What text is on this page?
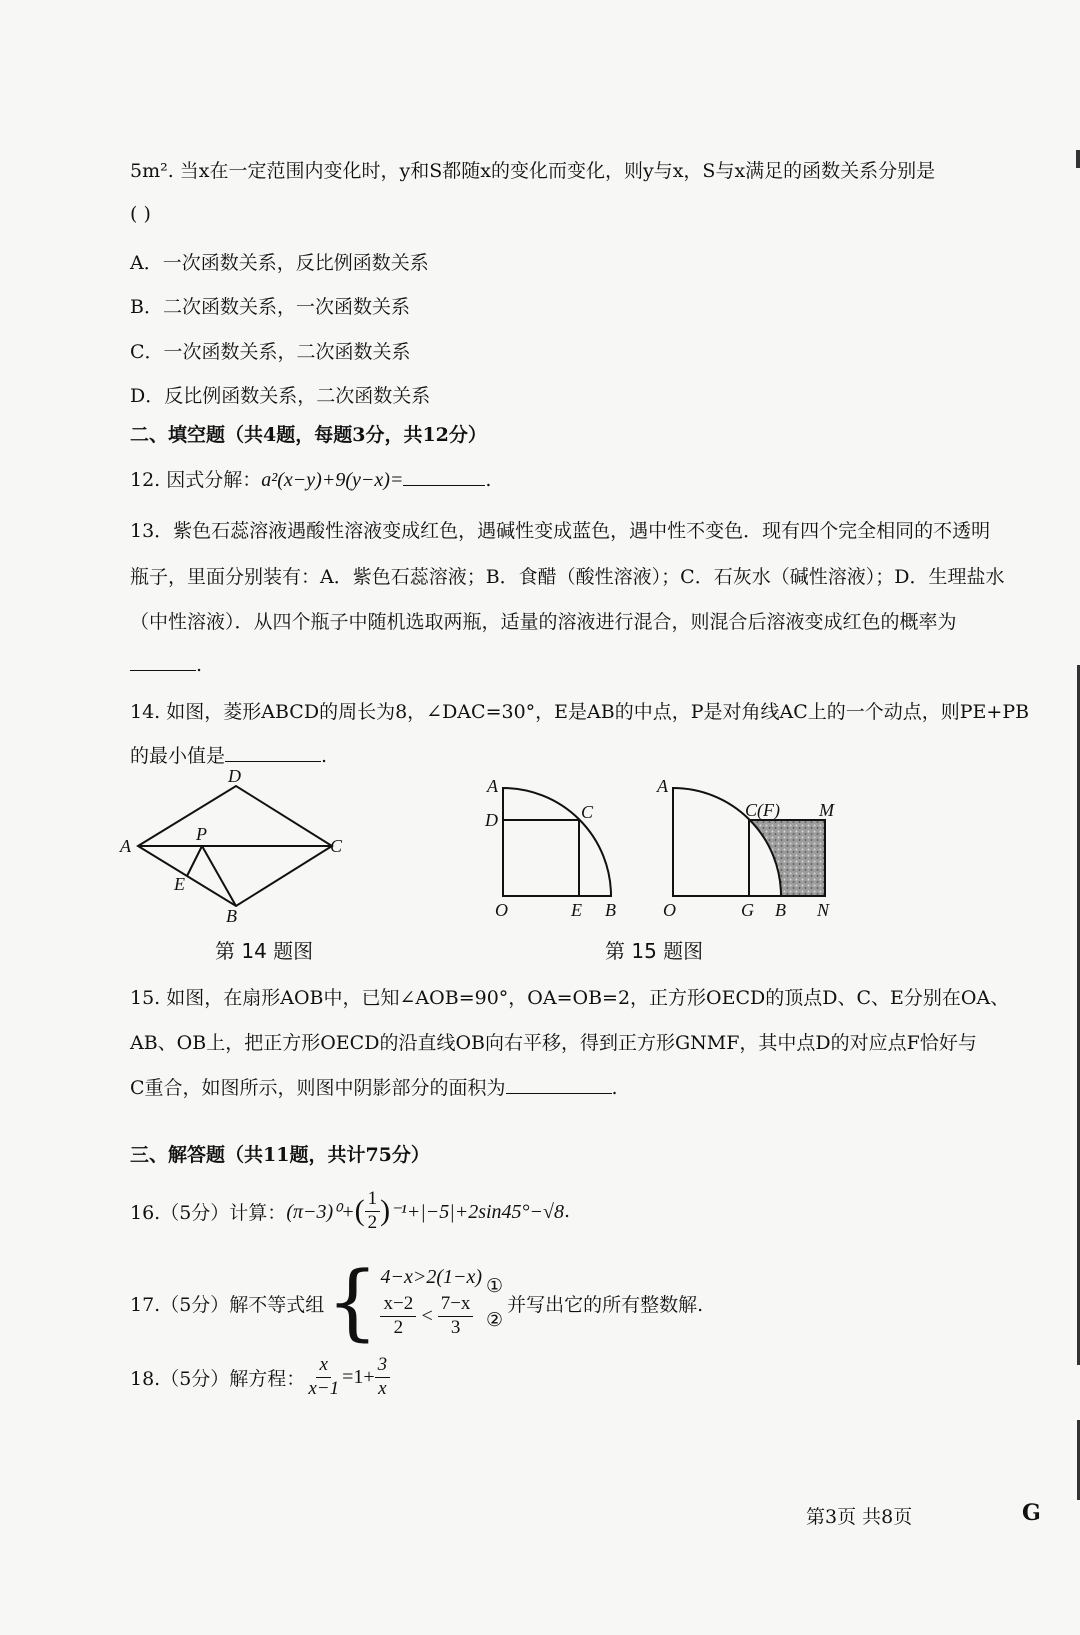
5m². 当x在一定范围内变化时，y和S都随x的变化而变化，则y与x，S与x满足的函数关系分别是
( )
A．一次函数关系，反比例函数关系
B．二次函数关系，一次函数关系
C．一次函数关系，二次函数关系
D．反比例函数关系，二次函数关系
二、填空题（共4题，每题3分，共12分）
12. 因式分解：a²(x−y)+9(y−x)=	.
13．紫色石蕊溶液遇酸性溶液变成红色，遇碱性变成蓝色，遇中性不变色．现有四个完全相同的不透明
瓶子，里面分别装有：A．紫色石蕊溶液；B．食醋（酸性溶液）；C．石灰水（碱性溶液）；D．生理盐水
（中性溶液）．从四个瓶子中随机选取两瓶，适量的溶液进行混合，则混合后溶液变成红色的概率为
.
14. 如图，菱形ABCD的周长为8，∠DAC=30°，E是AB的中点，P是对角线AC上的一个动点，则PE+PB
的最小值是	.
D
A
P
C
E
B
第 14 题图
A
D	C
O	E B
A
C(F) M
O	G B N
第 15 题图
15. 如图，在扇形AOB中，已知∠AOB=90°，OA=OB=2，正方形OECD的顶点D、C、E分别在OA、
AB、OB上，把正方形OECD的沿直线OB向右平移，得到正方形GNMF，其中点D的对应点F恰好与
C重合，如图所示，则图中阴影部分的面积为	.
三、解答题（共11题，共计75分）
16.（5分）计算： (π−3)⁰+ ( $\frac{1}{2}$ ) ⁻¹+|−5|+2sin45°−√8 .
17.（5分）解不等式组 { 4−x>2(1−x)
$\frac{x-2}{2} < \frac{7-x}{3}$
①
②
并写出它的所有整数解.
18.（5分）解方程： $\frac{x}{x-1} =1+ \frac{3}{x}$
第3页 共8页	G
